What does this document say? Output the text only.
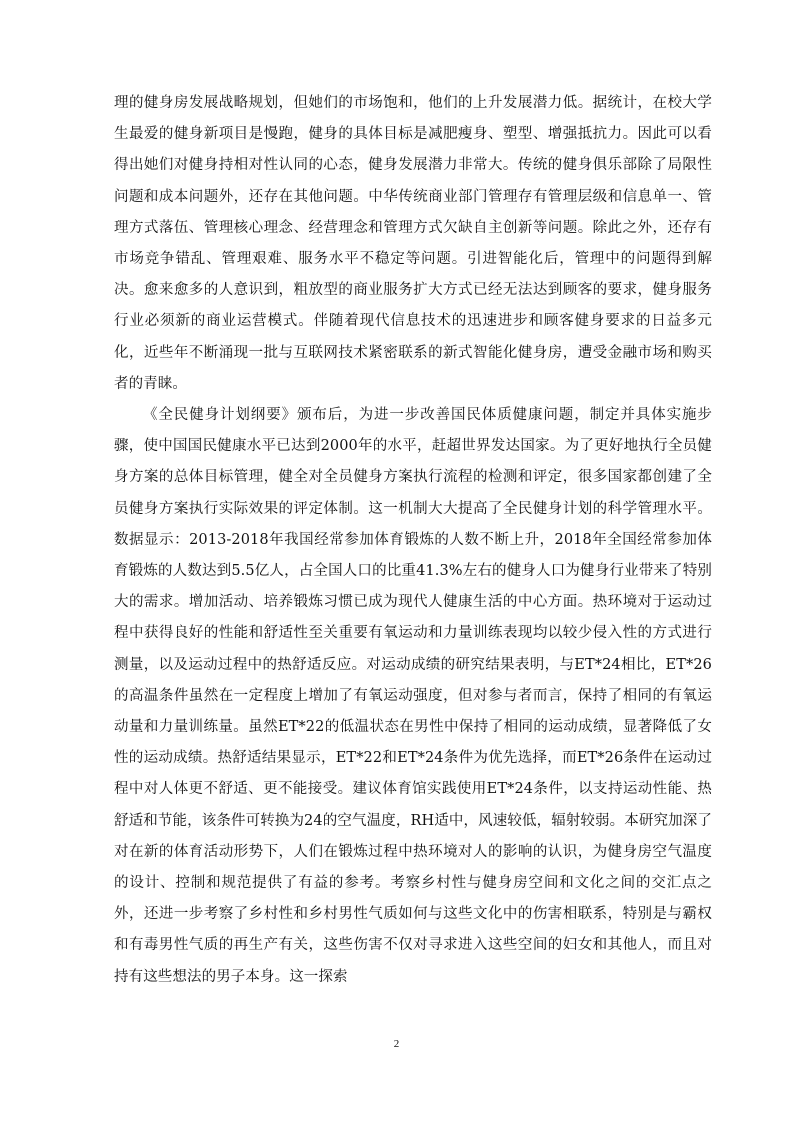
理的健身房发展战略规划，但她们的市场饱和，他们的上升发展潜力低。据统计，在校大学生最爱的健身新项目是慢跑，健身的具体目标是减肥瘦身、塑型、增强抵抗力。因此可以看得出她们对健身持相对性认同的心态，健身发展潜力非常大。传统的健身俱乐部除了局限性问题和成本问题外，还存在其他问题。中华传统商业部门管理存有管理层级和信息单一、管理方式落伍、管理核心理念、经营理念和管理方式欠缺自主创新等问题。除此之外，还存有市场竞争错乱、管理艰难、服务水平不稳定等问题。引进智能化后，管理中的问题得到解决。愈来愈多的人意识到，粗放型的商业服务扩大方式已经无法达到顾客的要求，健身服务行业必须新的商业运营模式。伴随着现代信息技术的迅速进步和顾客健身要求的日益多元化，近些年不断涌现一批与互联网技术紧密联系的新式智能化健身房，遭受金融市场和购买者的青睐。

《全民健身计划纲要》颁布后，为进一步改善国民体质健康问题，制定并具体实施步骤，使中国国民健康水平已达到2000年的水平，赶超世界发达国家。为了更好地执行全员健身方案的总体目标管理，健全对全员健身方案执行流程的检测和评定，很多国家都创建了全员健身方案执行实际效果的评定体制。这一机制大大提高了全民健身计划的科学管理水平。数据显示：2013-2018年我国经常参加体育锻炼的人数不断上升，2018年全国经常参加体育锻炼的人数达到5.5亿人，占全国人口的比重41.3%左右的健身人口为健身行业带来了特别大的需求。增加活动、培养锻炼习惯已成为现代人健康生活的中心方面。热环境对于运动过程中获得良好的性能和舒适性至关重要有氧运动和力量训练表现均以较少侵入性的方式进行测量，以及运动过程中的热舒适反应。对运动成绩的研究结果表明，与ET*24相比，ET*26的高温条件虽然在一定程度上增加了有氧运动强度，但对参与者而言，保持了相同的有氧运动量和力量训练量。虽然ET*22的低温状态在男性中保持了相同的运动成绩，显著降低了女性的运动成绩。热舒适结果显示，ET*22和ET*24条件为优先选择，而ET*26条件在运动过程中对人体更不舒适、更不能接受。建议体育馆实践使用ET*24条件，以支持运动性能、热舒适和节能，该条件可转换为24的空气温度，RH适中，风速较低，辐射较弱。本研究加深了对在新的体育活动形势下，人们在锻炼过程中热环境对人的影响的认识，为健身房空气温度的设计、控制和规范提供了有益的参考。考察乡村性与健身房空间和文化之间的交汇点之外，还进一步考察了乡村性和乡村男性气质如何与这些文化中的伤害相联系，特别是与霸权和有毒男性气质的再生产有关，这些伤害不仅对寻求进入这些空间的妇女和其他人，而且对持有这些想法的男子本身。这一探索

2
